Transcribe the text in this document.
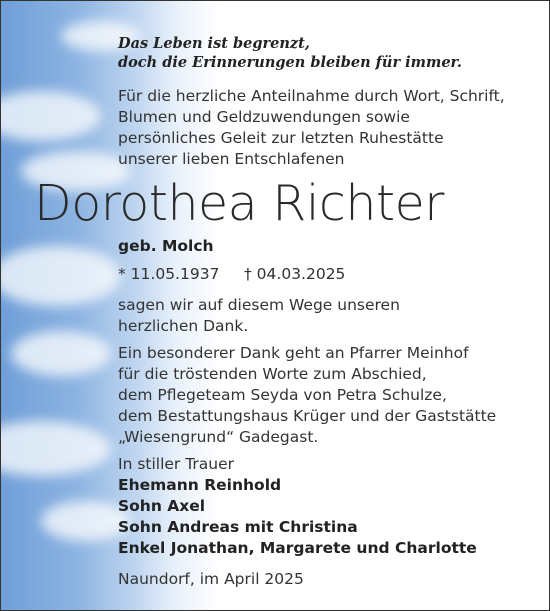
Das Leben ist begrenzt,
doch die Erinnerungen bleiben für immer.
Für die herzliche Anteilnahme durch Wort, Schrift,
Blumen und Geldzuwendungen sowie
persönliches Geleit zur letzten Ruhestätte
unserer lieben Entschlafenen
Dorothea Richter
geb. Molch
* 11.05.1937 † 04.03.2025
sagen wir auf diesem Wege unseren
herzlichen Dank.
Ein besonderer Dank geht an Pfarrer Meinhof
für die tröstenden Worte zum Abschied,
dem Pflegeteam Seyda von Petra Schulze,
dem Bestattungshaus Krüger und der Gaststätte
„Wiesengrund“ Gadegast.
In stiller Trauer
Ehemann Reinhold
Sohn Axel
Sohn Andreas mit Christina
Enkel Jonathan, Margarete und Charlotte
Naundorf, im April 2025
